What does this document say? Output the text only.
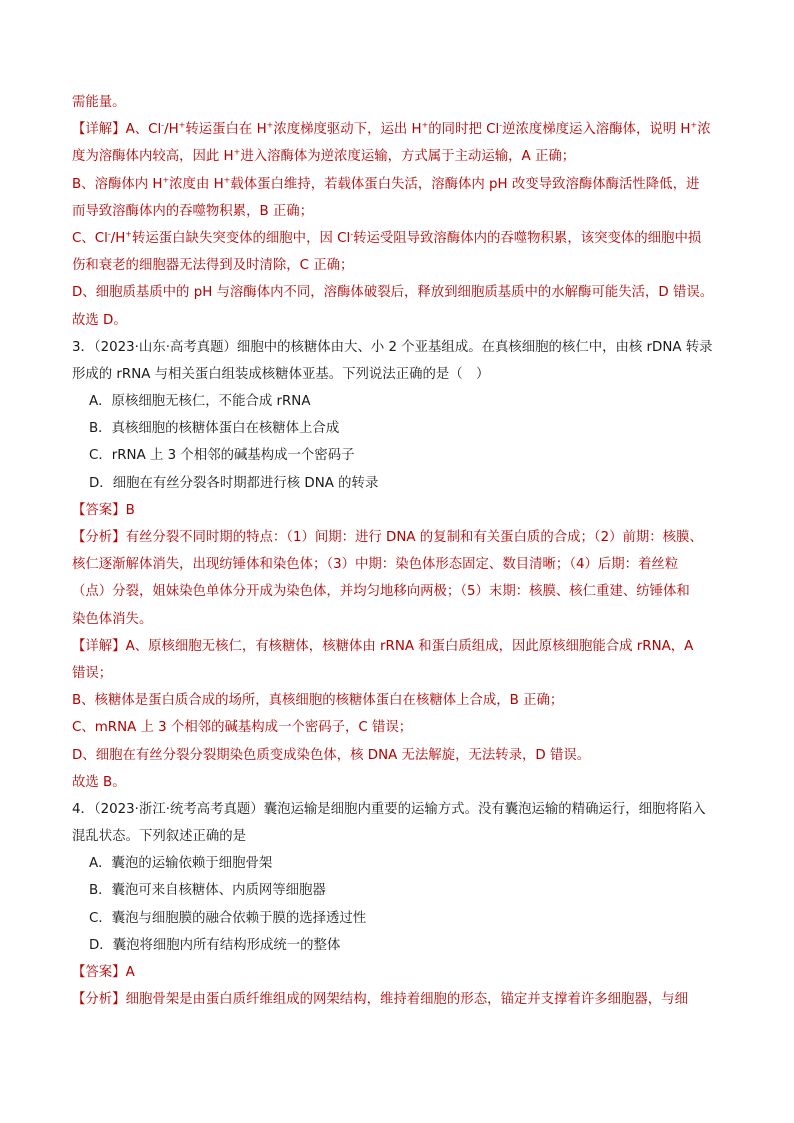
需能量。
【详解】A、Cl-/H+转运蛋白在 H+浓度梯度驱动下，运出 H+的同时把 Cl-逆浓度梯度运入溶酶体，说明 H+浓
度为溶酶体内较高，因此 H+进入溶酶体为逆浓度运输，方式属于主动运输，A 正确；
B、溶酶体内 H+浓度由 H+载体蛋白维持，若载体蛋白失活，溶酶体内 pH 改变导致溶酶体酶活性降低，进
而导致溶酶体内的吞噬物积累，B 正确；
C、Cl-/H+转运蛋白缺失突变体的细胞中，因 Cl-转运受阻导致溶酶体内的吞噬物积累，该突变体的细胞中损
伤和衰老的细胞器无法得到及时清除，C 正确；
D、细胞质基质中的 pH 与溶酶体内不同，溶酶体破裂后，释放到细胞质基质中的水解酶可能失活，D 错误。
故选 D。
3．（2023·山东·高考真题）细胞中的核糖体由大、小 2 个亚基组成。在真核细胞的核仁中，由核 rDNA 转录
形成的 rRNA 与相关蛋白组装成核糖体亚基。下列说法正确的是（　）
A．原核细胞无核仁，不能合成 rRNA
B．真核细胞的核糖体蛋白在核糖体上合成
C．rRNA 上 3 个相邻的碱基构成一个密码子
D．细胞在有丝分裂各时期都进行核 DNA 的转录
【答案】B
【分析】有丝分裂不同时期的特点：（1）间期：进行 DNA 的复制和有关蛋白质的合成；（2）前期：核膜、
核仁逐渐解体消失，出现纺锤体和染色体；（3）中期：染色体形态固定、数目清晰；（4）后期：着丝粒
（点）分裂，姐妹染色单体分开成为染色体，并均匀地移向两极；（5）末期：核膜、核仁重建、纺锤体和
染色体消失。
【详解】A、原核细胞无核仁，有核糖体，核糖体由 rRNA 和蛋白质组成，因此原核细胞能合成 rRNA，A
错误；
B、核糖体是蛋白质合成的场所，真核细胞的核糖体蛋白在核糖体上合成，B 正确；
C、mRNA 上 3 个相邻的碱基构成一个密码子，C 错误；
D、细胞在有丝分裂分裂期染色质变成染色体，核 DNA 无法解旋，无法转录，D 错误。
故选 B。
4．（2023·浙江·统考高考真题）囊泡运输是细胞内重要的运输方式。没有囊泡运输的精确运行，细胞将陷入
混乱状态。下列叙述正确的是
A．囊泡的运输依赖于细胞骨架
B．囊泡可来自核糖体、内质网等细胞器
C．囊泡与细胞膜的融合依赖于膜的选择透过性
D．囊泡将细胞内所有结构形成统一的整体
【答案】A
【分析】细胞骨架是由蛋白质纤维组成的网架结构，维持着细胞的形态，锚定并支撑着许多细胞器，与细
